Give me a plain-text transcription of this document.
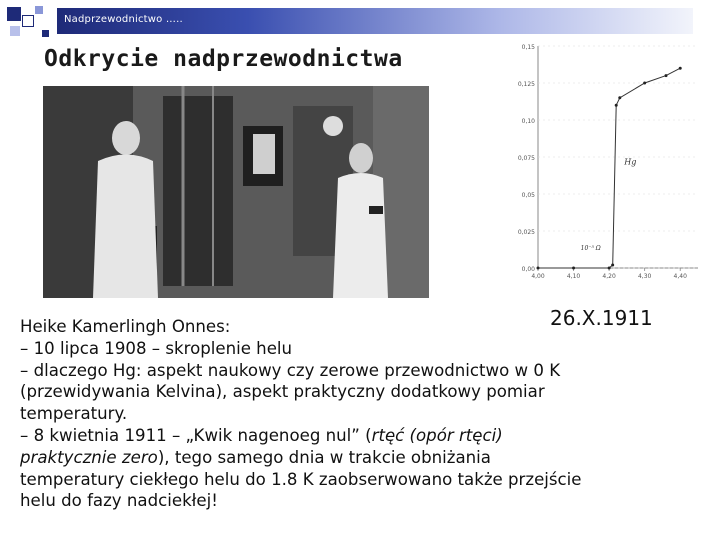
Nadprzewodnictwo …..
Odkrycie nadprzewodnictwa	0,15
0,125
0,10
0,075
0,05
0,025
0,00
4,00	4,10	4,20	4,30	4,40
Hg
10⁻⁵ Ω
26.X.1911

Heike Kamerlingh Onnes:

– 10 lipca 1908 – skroplenie helu

– dlaczego Hg: aspekt naukowy czy zerowe przewodnictwo w 0 K

(przewidywania Kelvina), aspekt praktyczny dodatkowy pomiar

temperatury.

– 8 kwietnia 1911 – „Kwik nagenoeg nul” (rtęć (opór rtęci)

praktycznie zero), tego samego dnia w trakcie obniżania

temperatury ciekłego helu do 1.8 K zaobserwowano także przejście

helu do fazy nadciekłej!
